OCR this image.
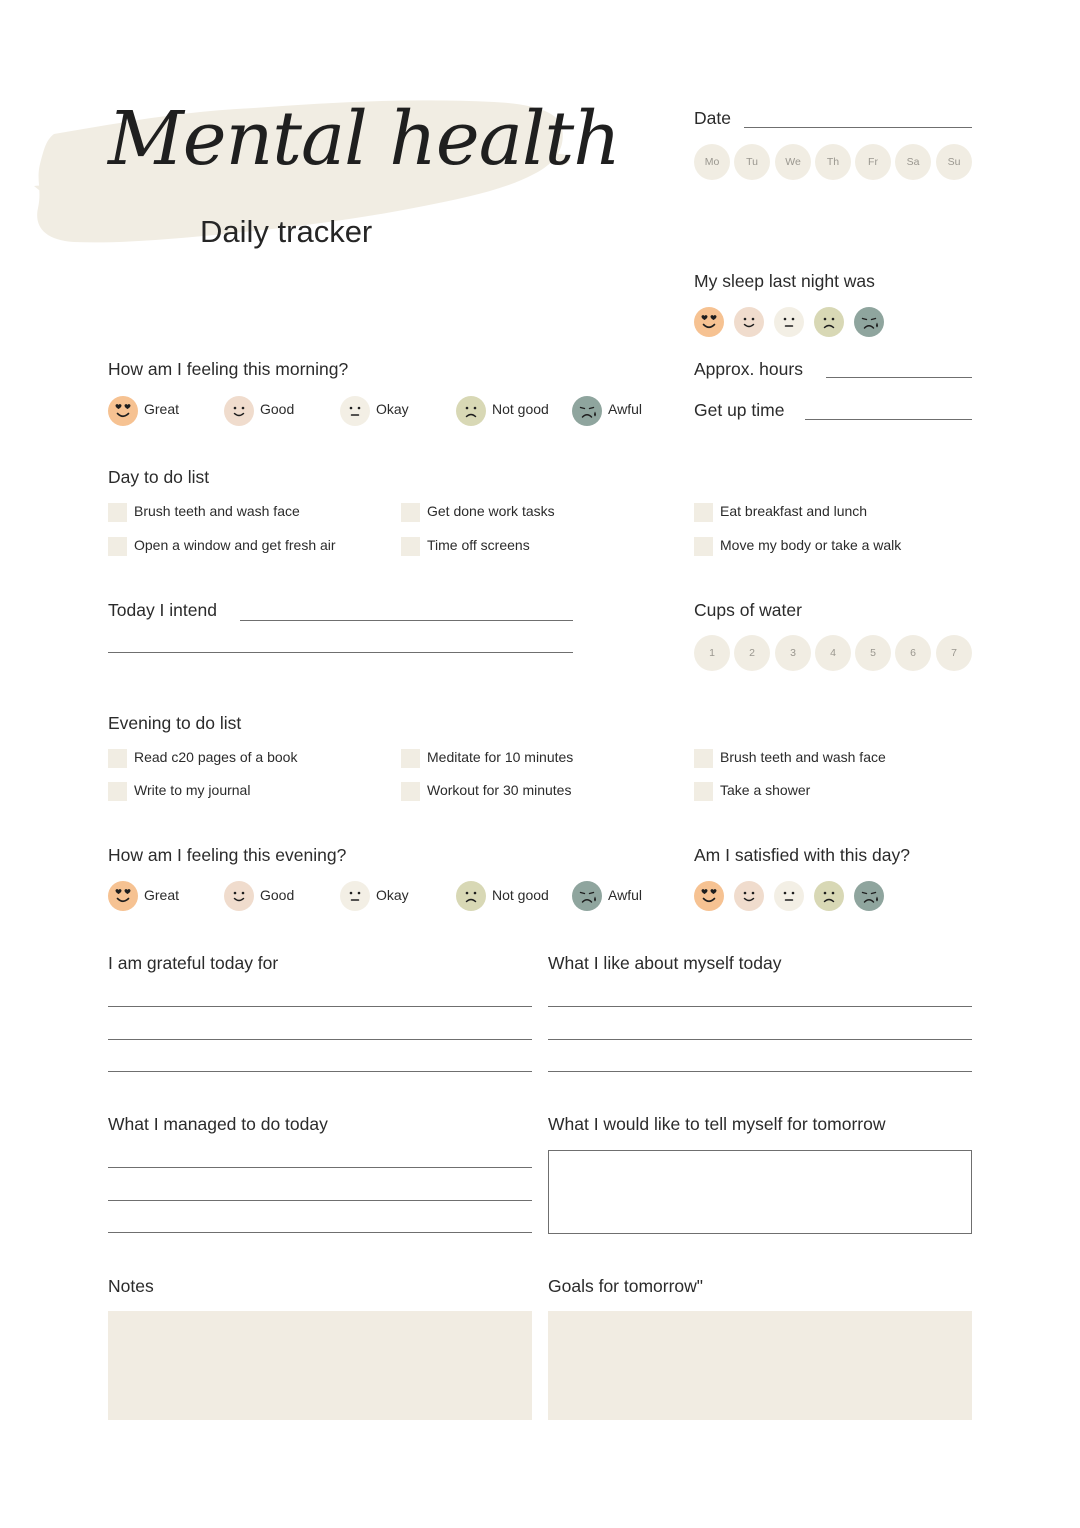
Mental health
Daily tracker
Date
Mo	Tu	We	Th	Fr	Sa	Su
My sleep last night was
How am I feeling this morning?
Great	Good	Okay	Not good	Awful
Approx. hours
Get up time
Day to do list
Brush teeth and wash face	Get done work tasks	Eat breakfast and lunch
Open a window and get fresh air	Time off screens	Move my body or take a walk
Today I intend	Cups of water
1	2	3	4	5	6	7
Evening to do list
Read c20 pages of a book	Meditate for 10 minutes	Brush teeth and wash face
Write to my journal	Workout for 30 minutes	Take a shower
How am I feeling this evening?
Great	Good	Okay	Not good	Awful
Am I satisfied with this day?
I am grateful today for	What I like about myself today
What I managed to do today	What I would like to tell myself for tomorrow
Notes	Goals for tomorrow"
